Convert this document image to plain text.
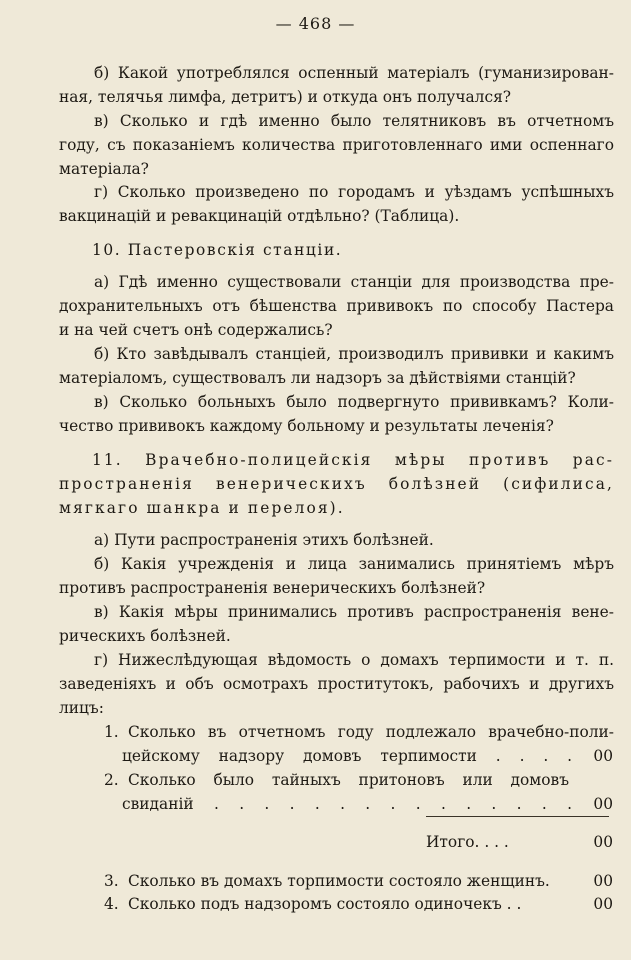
— 468 —
б) Какой употреблялся оспенный матеріалъ (гуманизирован-
ная, телячья лимфа, детритъ) и откуда онъ получался?
в) Сколько и гдѣ именно было телятниковъ въ отчетномъ
году, съ показаніемъ количества приготовленнаго ими оспеннаго
матеріала?
г) Сколько произведено по городамъ и уѣздамъ успѣшныхъ
вакцинацій и ревакцинацій отдѣльно? (Таблица).
10. Пастеровскія станціи.
а) Гдѣ именно существовали станціи для производства пре-
дохранительныхъ отъ бѣшенства прививокъ по способу Пастера
и на чей счетъ онѣ содержались?
б) Кто завѣдывалъ станціей, производилъ прививки и какимъ
матеріаломъ, существовалъ ли надзоръ за дѣйствіями станцій?
в) Сколько больныхъ было подвергнуто прививкамъ? Коли-
чество прививокъ каждому больному и результаты леченія?
11. Врачебно-полицейскія мѣры противъ рас-
пространенія венерическихъ болѣзней (сифилиса,
мягкаго шанкра и перелоя).
а) Пути распространенія этихъ болѣзней.
б) Какія учрежденія и лица занимались принятіемъ мѣръ
противъ распространенія венерическихъ болѣзней?
в) Какія мѣры принимались противъ распространенія вене-
рическихъ болѣзней.
г) Нижеслѣдующая вѣдомость о домахъ терпимости и т. п.
заведеніяхъ и объ осмотрахъ проститутокъ, рабочихъ и другихъ
лицъ:
1. Сколько въ отчетномъ году подлежало врачебно-поли-
цейскому надзору домовъ терпимости . . . . 00
2. Сколько было тайныхъ притоновъ или домовъ
свиданій . . . . . . . . . . . . . . . 00
Итого. . . .	00
3. Сколько въ домахъ торпимости состояло женщинъ.	00
4. Сколько подъ надзоромъ состояло одиночекъ . .	00
